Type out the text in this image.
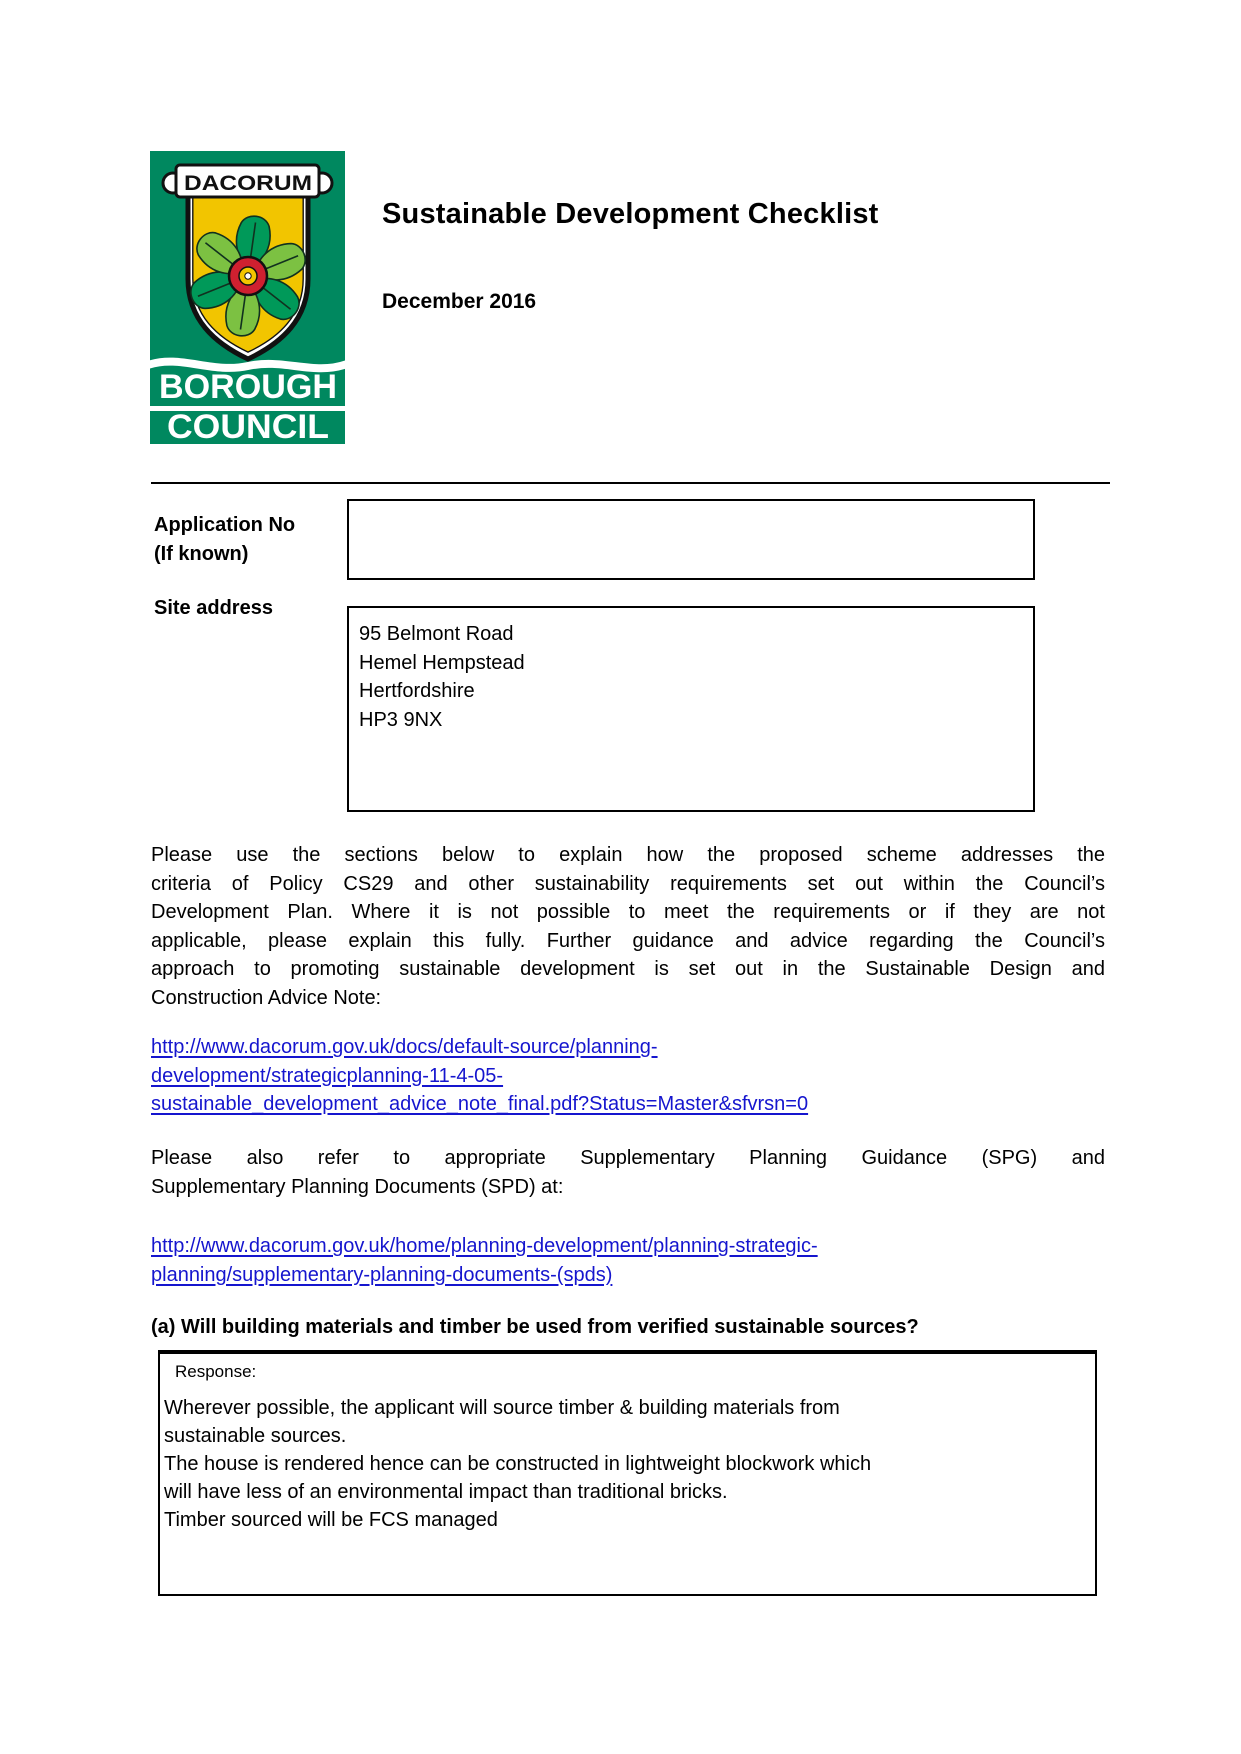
DACORUM
BOROUGH
COUNCIL
Sustainable Development Checklist
December 2016
Application No
(If known)
Site address
95 Belmont Road
Hemel Hempstead
Hertfordshire
HP3 9NX
Please use the sections below to explain how the proposed scheme addresses the
criteria of Policy CS29 and other sustainability requirements set out within the Council’s
Development Plan. Where it is not possible to meet the requirements or if they are not
applicable, please explain this fully. Further guidance and advice regarding the Council’s
approach to promoting sustainable development is set out in the Sustainable Design and
Construction Advice Note:
http://www.dacorum.gov.uk/docs/default-source/planning-
development/strategicplanning-11-4-05-
sustainable_development_advice_note_final.pdf?Status=Master&sfvrsn=0
Please also refer to appropriate Supplementary Planning Guidance (SPG) and
Supplementary Planning Documents (SPD) at:
http://www.dacorum.gov.uk/home/planning-development/planning-strategic-
planning/supplementary-planning-documents-(spds)
(a) Will building materials and timber be used from verified sustainable sources?
Response:
Wherever possible, the applicant will source timber & building materials from
sustainable sources.
The house is rendered hence can be constructed in lightweight blockwork which
will have less of an environmental impact than traditional bricks.
Timber sourced will be FCS managed
